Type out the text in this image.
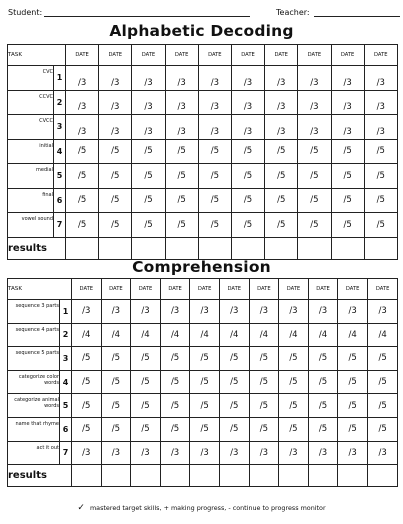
Student:	Teacher:
Alphabetic Decoding
TASK		DATE	DATE	DATE	DATE	DATE	DATE	DATE	DATE	DATE	DATE
CVC	1	/3	/3	/3	/3	/3	/3	/3	/3	/3	/3
CCVC	2	/3	/3	/3	/3	/3	/3	/3	/3	/3	/3
CVCC	3	/3	/3	/3	/3	/3	/3	/3	/3	/3	/3
initial	4	/5	/5	/5	/5	/5	/5	/5	/5	/5	/5
medial	5	/5	/5	/5	/5	/5	/5	/5	/5	/5	/5
final	6	/5	/5	/5	/5	/5	/5	/5	/5	/5	/5
vowel sound	7	/5	/5	/5	/5	/5	/5	/5	/5	/5	/5
results											
Comprehension
TASK		DATE	DATE	DATE	DATE	DATE	DATE	DATE	DATE	DATE	DATE	DATE
sequence 3 parts	1	/3	/3	/3	/3	/3	/3	/3	/3	/3	/3	/3
sequence 4 parts	2	/4	/4	/4	/4	/4	/4	/4	/4	/4	/4	/4
sequence 5 parts	3	/5	/5	/5	/5	/5	/5	/5	/5	/5	/5	/5
categorize color words	4	/5	/5	/5	/5	/5	/5	/5	/5	/5	/5	/5
categorize animal words	5	/5	/5	/5	/5	/5	/5	/5	/5	/5	/5	/5
name that rhyme	6	/5	/5	/5	/5	/5	/5	/5	/5	/5	/5	/5
act it out	7	/3	/3	/3	/3	/3	/3	/3	/3	/3	/3	/3
results												
✓ mastered target skills, + making progress, - continue to progress monitor
